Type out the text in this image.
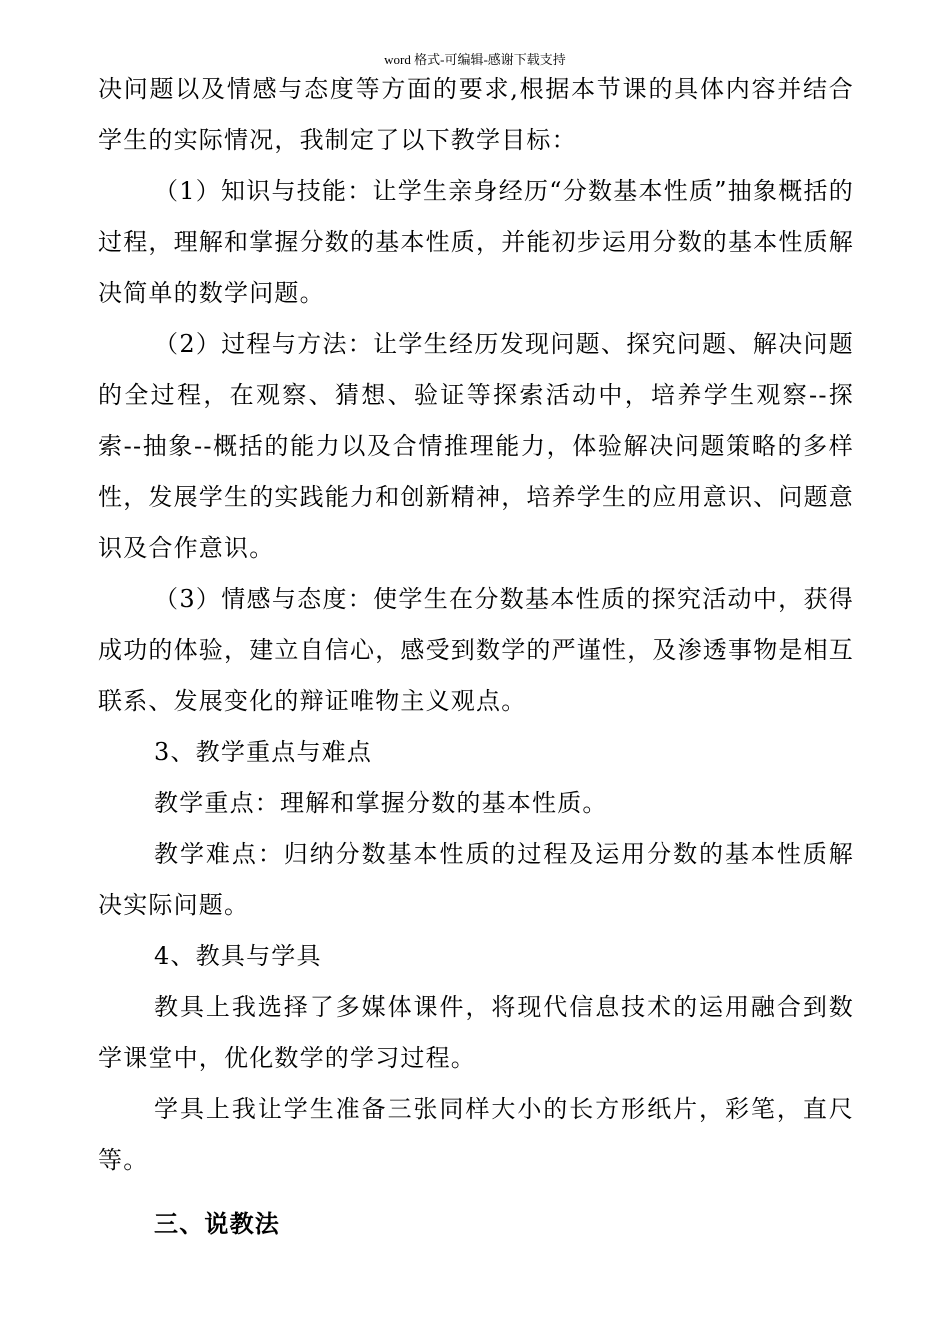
word 格式-可编辑-感谢下载支持

决问题以及情感与态度等方面的要求,根据本节课的具体内容并结合学生的实际情况，我制定了以下教学目标：

（1）知识与技能：让学生亲身经历“分数基本性质”抽象概括的过程，理解和掌握分数的基本性质，并能初步运用分数的基本性质解决简单的数学问题。

（2）过程与方法：让学生经历发现问题、探究问题、解决问题的全过程，在观察、猜想、验证等探索活动中，培养学生观察--探索--抽象--概括的能力以及合情推理能力，体验解决问题策略的多样性，发展学生的实践能力和创新精神，培养学生的应用意识、问题意识及合作意识。

（3）情感与态度：使学生在分数基本性质的探究活动中，获得成功的体验，建立自信心，感受到数学的严谨性，及渗透事物是相互联系、发展变化的辩证唯物主义观点。

3、教学重点与难点

教学重点：理解和掌握分数的基本性质。

教学难点：归纳分数基本性质的过程及运用分数的基本性质解决实际问题。

4、教具与学具

教具上我选择了多媒体课件，将现代信息技术的运用融合到数学课堂中，优化数学的学习过程。

学具上我让学生准备三张同样大小的长方形纸片，彩笔，直尺等。

三、说教法
